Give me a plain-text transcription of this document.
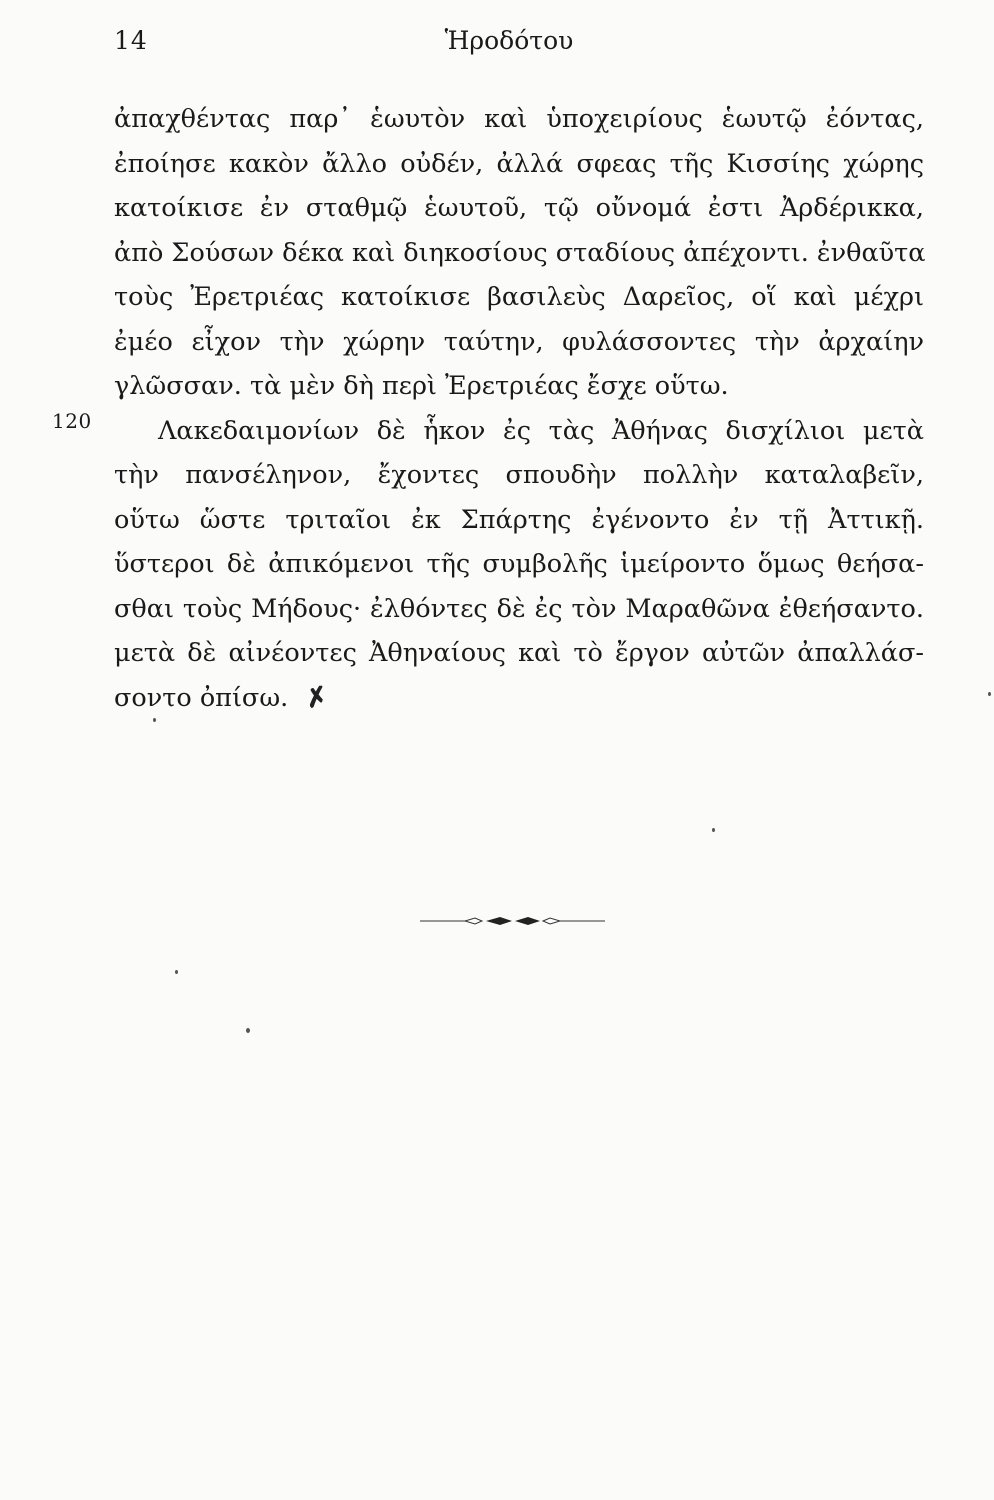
14	Ἡροδότου
ἀπαχθέντας παρ᾽ ἑωυτὸν καὶ ὑποχειρίους ἑωυτῷ ἐόντας,
ἐποίησε κακὸν ἄλλο οὐδέν, ἀλλά σφεας τῆς Κισσίης χώρης
κατοίκισε ἐν σταθμῷ ἑωυτοῦ, τῷ οὔνομά ἐστι Ἀρδέρικκα,
ἀπὸ Σούσων δέκα καὶ διηκοσίους σταδίους ἀπέχοντι. ἐνθαῦτα
τοὺς Ἐρετριέας κατοίκισε βασιλεὺς Δαρεῖος, οἵ καὶ μέχρι
ἐμέο εἶχον τὴν χώρην ταύτην, φυλάσσοντες τὴν ἀρχαίην
γλῶσσαν. τὰ μὲν δὴ περὶ Ἐρετριέας ἔσχε οὕτω.
120	Λακεδαιμονίων δὲ ἧκον ἐς τὰς Ἀθήνας δισχίλιοι μετὰ
τὴν πανσέληνον, ἔχοντες σπουδὴν πολλὴν καταλαβεῖν,
οὕτω ὥστε τριταῖοι ἐκ Σπάρτης ἐγένοντο ἐν τῇ Ἀττικῇ.
ὕστεροι δὲ ἀπικόμενοι τῆς συμβολῆς ἱμείροντο ὅμως θεήσα-
σθαι τοὺς Μήδους· ἐλθόντες δὲ ἐς τὸν Μαραθῶνα ἐθεήσαντο.
μετὰ δὲ αἰνέοντες Ἀθηναίους καὶ τὸ ἔργον αὐτῶν ἀπαλλάσ-
σοντο ὀπίσω. ✗
